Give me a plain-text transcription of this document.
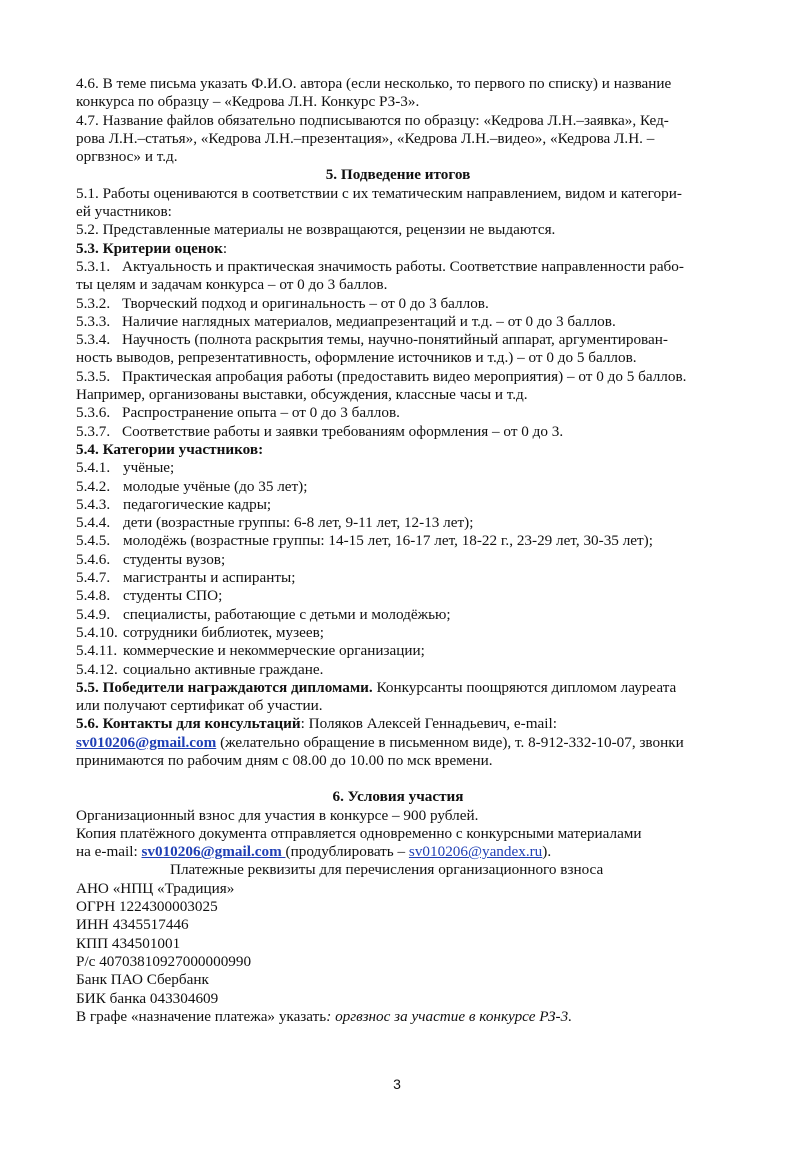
4.6. В теме письма указать Ф.И.О. автора (если несколько, то первого по списку) и название

конкурса по образцу – «Кедрова Л.Н. Конкурс РЗ-3».

4.7. Название файлов обязательно подписываются по образцу: «Кедрова Л.Н.–заявка», Кед-

рова Л.Н.–статья», «Кедрова Л.Н.–презентация», «Кедрова Л.Н.–видео», «Кедрова Л.Н. –

оргвзнос» и т.д.

5. Подведение итогов

5.1. Работы оцениваются в соответствии с их тематическим направлением, видом и категори-

ей участников:

5.2. Представленные материалы не возвращаются, рецензии не выдаются.

5.3. Критерии оценок:

5.3.1. Актуальность и практическая значимость работы. Соответствие направленности рабо-

ты целям и задачам конкурса – от 0 до 3 баллов.

5.3.2. Творческий подход и оригинальность – от 0 до 3 баллов.

5.3.3. Наличие наглядных материалов, медиапрезентаций и т.д. – от 0 до 3 баллов.

5.3.4. Научность (полнота раскрытия темы, научно-понятийный аппарат, аргументирован-

ность выводов, репрезентативность, оформление источников и т.д.) – от 0 до 5 баллов.

5.3.5. Практическая апробация работы (предоставить видео мероприятия) – от 0 до 5 баллов.

Например, организованы выставки, обсуждения, классные часы и т.д.

5.3.6. Распространение опыта – от 0 до 3 баллов.

5.3.7. Соответствие работы и заявки требованиям оформления – от 0 до 3.

5.4. Категории участников:

5.4.1. учёные;

5.4.2. молодые учёные (до 35 лет);

5.4.3. педагогические кадры;

5.4.4. дети (возрастные группы: 6-8 лет, 9-11 лет, 12-13 лет);

5.4.5. молодёжь (возрастные группы: 14-15 лет, 16-17 лет, 18-22 г., 23-29 лет, 30-35 лет);

5.4.6. студенты вузов;

5.4.7. магистранты и аспиранты;

5.4.8. студенты СПО;

5.4.9. специалисты, работающие с детьми и молодёжью;

5.4.10. сотрудники библиотек, музеев;

5.4.11. коммерческие и некоммерческие организации;

5.4.12. социально активные граждане.

5.5. Победители награждаются дипломами. Конкурсанты поощряются дипломом лауреата

или получают сертификат об участии.

5.6. Контакты для консультаций: Поляков Алексей Геннадьевич, e-mail:

sv010206@gmail.com (желательно обращение в письменном виде), т. 8-912-332-10-07, звонки

принимаются по рабочим дням с 08.00 до 10.00 по мск времени.

6. Условия участия

Организационный взнос для участия в конкурсе – 900 рублей.

Копия платёжного документа отправляется одновременно с конкурсными материалами

на e-mail: sv010206@gmail.com (продублировать – sv010206@yandex.ru).

Платежные реквизиты для перечисления организационного взноса

АНО «НПЦ «Традиция»

ОГРН 1224300003025

ИНН 4345517446

КПП 434501001

Р/с 40703810927000000990

Банк ПАО Сбербанк

БИК банка 043304609

В графе «назначение платежа» указать: оргвзнос за участие в конкурсе РЗ-3.

3
